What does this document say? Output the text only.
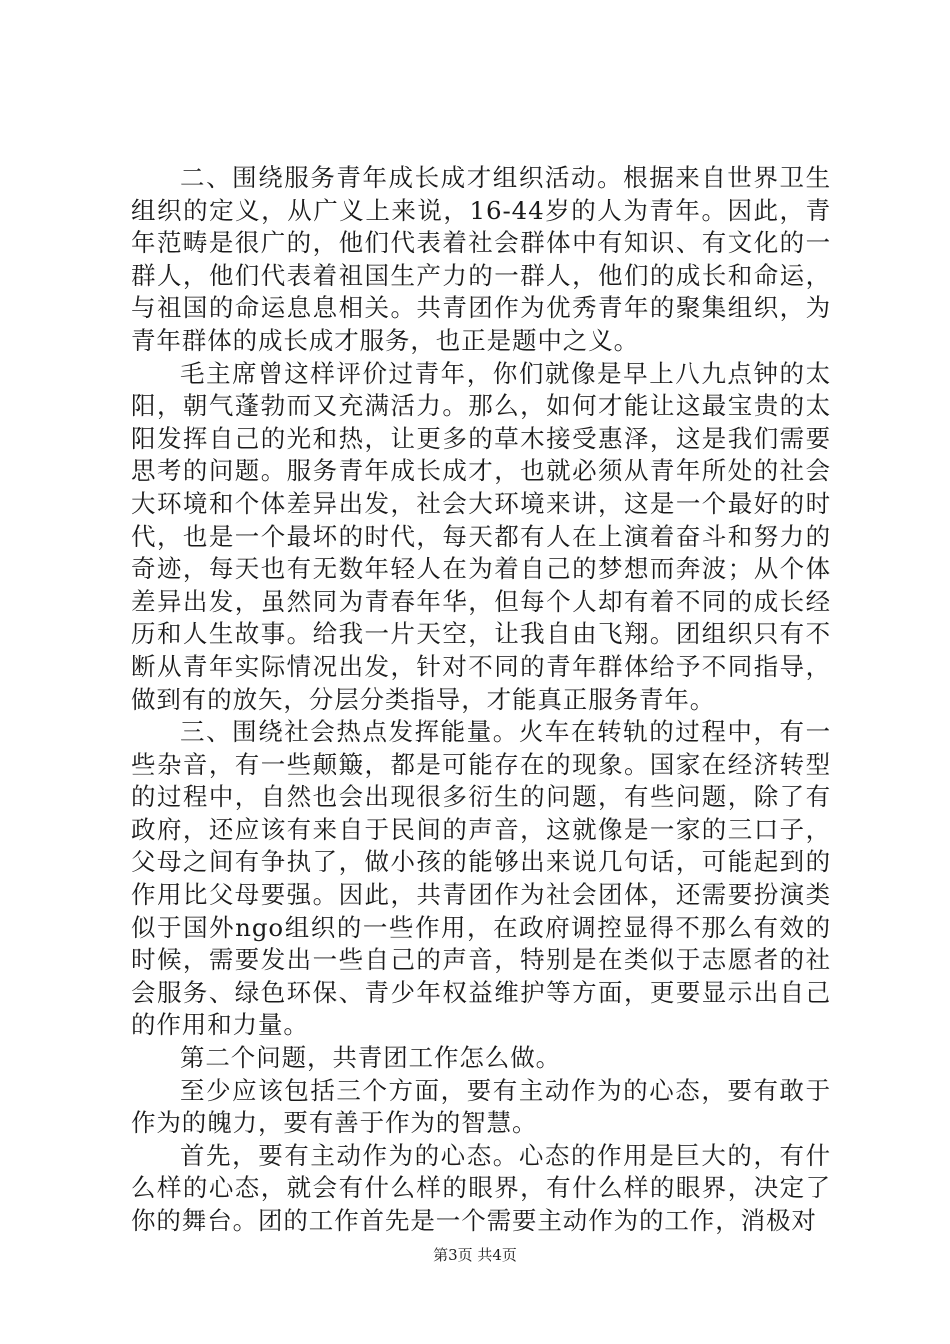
二、围绕服务青年成长成才组织活动。根据来自世界卫生组织的定义，从广义上来说，16-44岁的人为青年。因此，青年范畴是很广的，他们代表着社会群体中有知识、有文化的一群人，他们代表着祖国生产力的一群人，他们的成长和命运，与祖国的命运息息相关。共青团作为优秀青年的聚集组织，为青年群体的成长成才服务，也正是题中之义。

毛主席曾这样评价过青年，你们就像是早上八九点钟的太阳，朝气蓬勃而又充满活力。那么，如何才能让这最宝贵的太阳发挥自己的光和热，让更多的草木接受惠泽，这是我们需要思考的问题。服务青年成长成才，也就必须从青年所处的社会大环境和个体差异出发，社会大环境来讲，这是一个最好的时代，也是一个最坏的时代，每天都有人在上演着奋斗和努力的奇迹，每天也有无数年轻人在为着自己的梦想而奔波；从个体差异出发，虽然同为青春年华，但每个人却有着不同的成长经历和人生故事。给我一片天空，让我自由飞翔。团组织只有不断从青年实际情况出发，针对不同的青年群体给予不同指导，做到有的放矢，分层分类指导，才能真正服务青年。

三、围绕社会热点发挥能量。火车在转轨的过程中，有一些杂音，有一些颠簸，都是可能存在的现象。国家在经济转型的过程中，自然也会出现很多衍生的问题，有些问题，除了有政府，还应该有来自于民间的声音，这就像是一家的三口子，父母之间有争执了，做小孩的能够出来说几句话，可能起到的作用比父母要强。因此，共青团作为社会团体，还需要扮演类似于国外ngo组织的一些作用，在政府调控显得不那么有效的时候，需要发出一些自己的声音，特别是在类似于志愿者的社会服务、绿色环保、青少年权益维护等方面，更要显示出自己的作用和力量。

第二个问题，共青团工作怎么做。

至少应该包括三个方面，要有主动作为的心态，要有敢于作为的魄力，要有善于作为的智慧。

首先，要有主动作为的心态。心态的作用是巨大的，有什么样的心态，就会有什么样的眼界，有什么样的眼界，决定了你的舞台。团的工作首先是一个需要主动作为的工作，消极对

第3页 共4页
